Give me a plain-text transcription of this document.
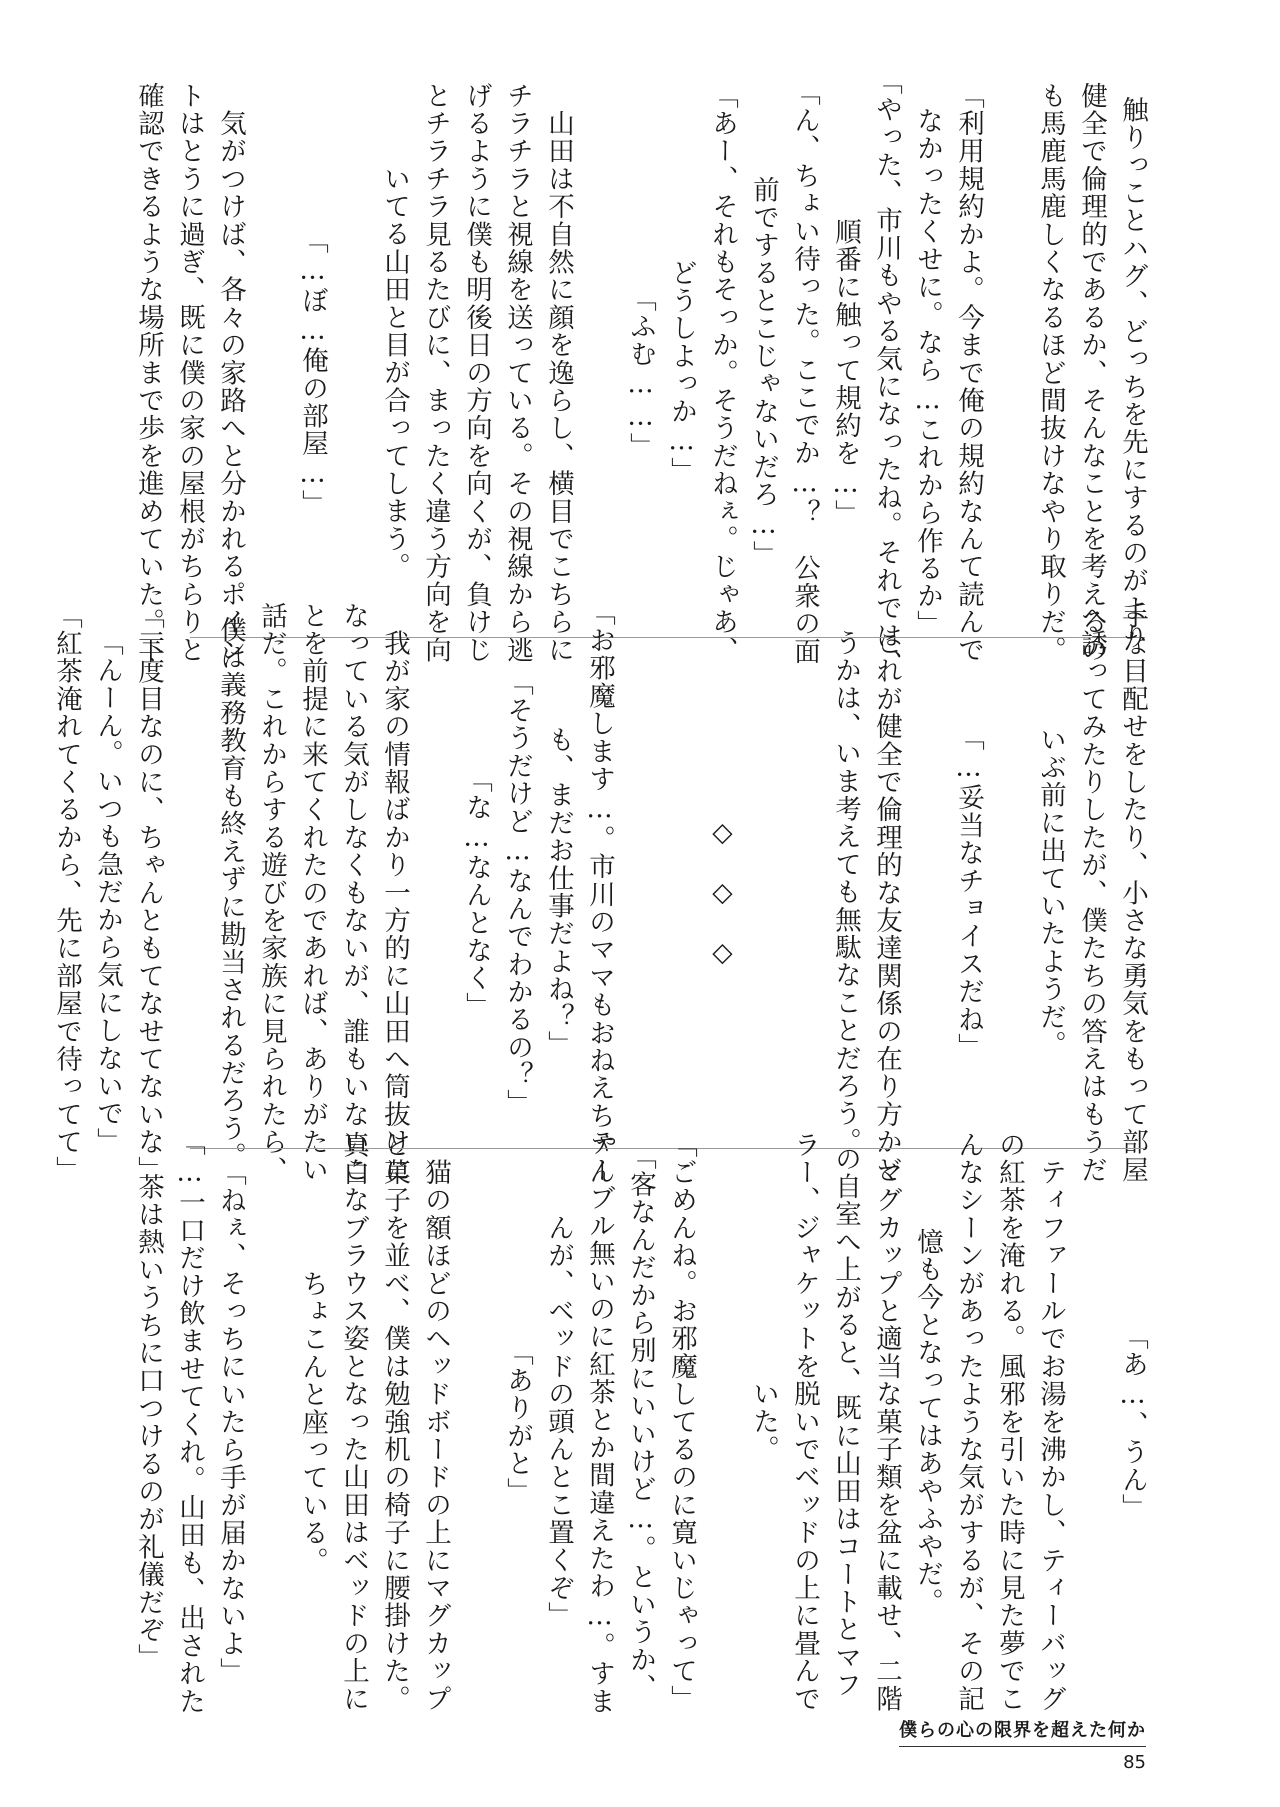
触りっことハグ、どっちを先にするのがより
健全で倫理的であるか、そんなことを考えるの
も馬鹿馬鹿しくなるほど間抜けなやり取りだ。
「利用規約かよ。今まで俺の規約なんて読んで
なかったくせに。なら…これから作るか」
「やった、市川もやる気になったね。それでは、
順番に触って規約を…」
「ん、ちょい待った。ここでか…？　公衆の面
前でするとこじゃないだろ…」
「あー、それもそっか。そうだねぇ。じゃあ、
どうしよっか…」
「ふむ……」
　山田は不自然に顔を逸らし、横目でこちらに
チラチラと視線を送っている。その視線から逃
げるように僕も明後日の方向を向くが、負けじ
とチラチラ見るたびに、まったく違う方向を向
いてる山田と目が合ってしまう。
「…ぼ…俺の部屋…」
　気がつけば、各々の家路へと分かれるポイン
トはとうに過ぎ、既に僕の家の屋根がちらりと
確認できるような場所まで歩を進めていた。下
手な目配せをしたり、小さな勇気をもって部屋
へ誘ってみたりしたが、僕たちの答えはもうだ
いぶ前に出ていたようだ。
「…妥当なチョイスだね」
　これが健全で倫理的な友達関係の在り方かど
うかは、いま考えても無駄なことだろう。
◇　◇　◇
「お邪魔します…。市川のママもおねえちゃん
も、まだお仕事だよね？」
「そうだけど…なんでわかるの？」
「な…なんとなく」
　我が家の情報ばかり一方的に山田へ筒抜けに
なっている気がしなくもないが、誰もいないこ
とを前提に来てくれたのであれば、ありがたい
話だ。これからする遊びを家族に見られたら、
僕は義務教育も終えずに勘当されるだろう。
「三度目なのに、ちゃんともてなせてないな」
「んーん。いつも急だから気にしないで」
「紅茶淹れてくるから、先に部屋で待ってて」
「あ…、うん」
　ティファールでお湯を沸かし、ティーバッグ
の紅茶を淹れる。風邪を引いた時に見た夢でこ
んなシーンがあったような気がするが、その記
憶も今となってはあやふやだ。
　マグカップと適当な菓子類を盆に載せ、二階
の自室へ上がると、既に山田はコートとマフ
ラー、ジャケットを脱いでベッドの上に畳んで
いた。
「ごめんね。お邪魔してるのに寛いじゃって」
「客なんだから別にいいけど…。というか、
テーブル無いのに紅茶とか間違えたわ…。すま
んが、ベッドの頭んとこ置くぞ」
「ありがと」
　猫の額ほどのヘッドボードの上にマグカップ
と菓子を並べ、僕は勉強机の椅子に腰掛けた。
真白なブラウス姿となった山田はベッドの上に
ちょこんと座っている。
「ねぇ、そっちにいたら手が届かないよ」
「…一口だけ飲ませてくれ。山田も、出された
茶は熱いうちに口つけるのが礼儀だぞ」
僕らの心の限界を超えた何か
85
